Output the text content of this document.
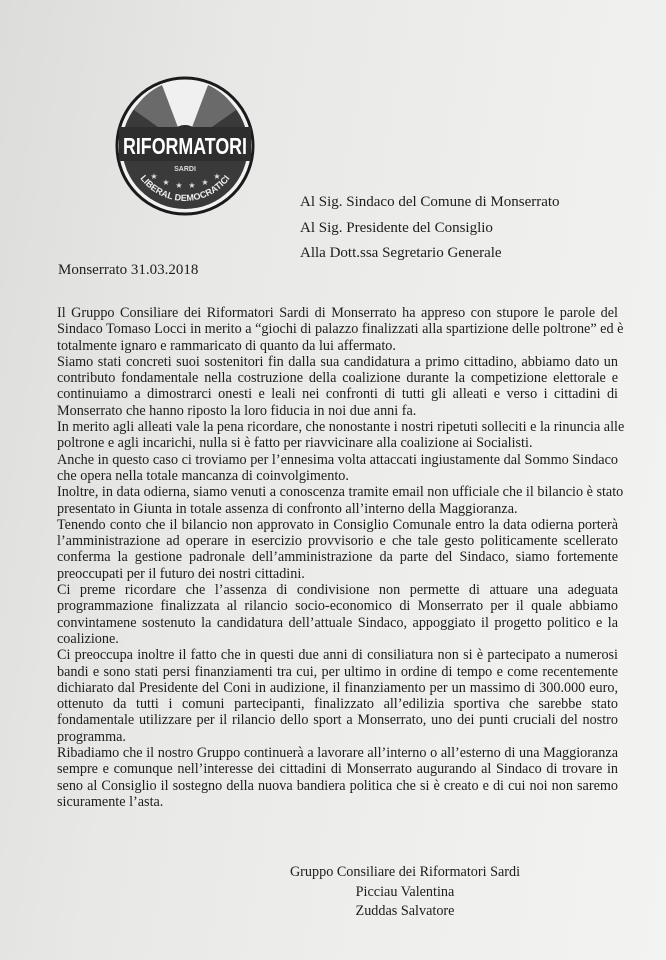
RIFORMATORI
SARDI
★
★ ★ ★ ★
★
LIBERAL DEMOCRATICI
Al Sig. Sindaco del Comune di Monserrato
Al Sig. Presidente del Consiglio
Alla Dott.ssa Segretario Generale
Monserrato 31.03.2018
Il Gruppo Consiliare dei Riformatori Sardi di Monserrato ha appreso con stupore le parole del
Sindaco Tomaso Locci in merito a “giochi di palazzo finalizzati alla spartizione delle poltrone” ed è
totalmente ignaro e rammaricato di quanto da lui affermato.
Siamo stati concreti suoi sostenitori fin dalla sua candidatura a primo cittadino, abbiamo dato un
contributo fondamentale nella costruzione della coalizione durante la competizione elettorale e
continuiamo a dimostrarci onesti e leali nei confronti di tutti gli alleati e verso i cittadini di
Monserrato che hanno riposto la loro fiducia in noi due anni fa.
In merito agli alleati vale la pena ricordare, che nonostante i nostri ripetuti solleciti e la rinuncia alle
poltrone e agli incarichi, nulla si è fatto per riavvicinare alla coalizione ai Socialisti.
Anche in questo caso ci troviamo per l’ennesima volta attaccati ingiustamente dal Sommo Sindaco
che opera nella totale mancanza di coinvolgimento.
Inoltre, in data odierna, siamo venuti a conoscenza tramite email non ufficiale che il bilancio è stato
presentato in Giunta in totale assenza di confronto all’interno della Maggioranza.
Tenendo conto che il bilancio non approvato in Consiglio Comunale entro la data odierna porterà
l’amministrazione ad operare in esercizio provvisorio e che tale gesto politicamente scellerato
conferma la gestione padronale dell’amministrazione da parte del Sindaco, siamo fortemente
preoccupati per il futuro dei nostri cittadini.
Ci preme ricordare che l’assenza di condivisione non permette di attuare una adeguata
programmazione finalizzata al rilancio socio-economico di Monserrato per il quale abbiamo
convintamene sostenuto la candidatura dell’attuale Sindaco, appoggiato il progetto politico e la
coalizione.
Ci preoccupa inoltre il fatto che in questi due anni di consiliatura non si è partecipato a numerosi
bandi e sono stati persi finanziamenti tra cui, per ultimo in ordine di tempo e come recentemente
dichiarato dal Presidente del Coni in audizione, il finanziamento per un massimo di 300.000 euro,
ottenuto da tutti i comuni partecipanti, finalizzato all’edilizia sportiva che sarebbe stato
fondamentale utilizzare per il rilancio dello sport a Monserrato, uno dei punti cruciali del nostro
programma.
Ribadiamo che il nostro Gruppo continuerà a lavorare all’interno o all’esterno di una Maggioranza
sempre e comunque nell’interesse dei cittadini di Monserrato augurando al Sindaco di trovare in
seno al Consiglio il sostegno della nuova bandiera politica che si è creato e di cui noi non saremo
sicuramente l’asta.
Gruppo Consiliare dei Riformatori Sardi
Picciau Valentina
Zuddas Salvatore
